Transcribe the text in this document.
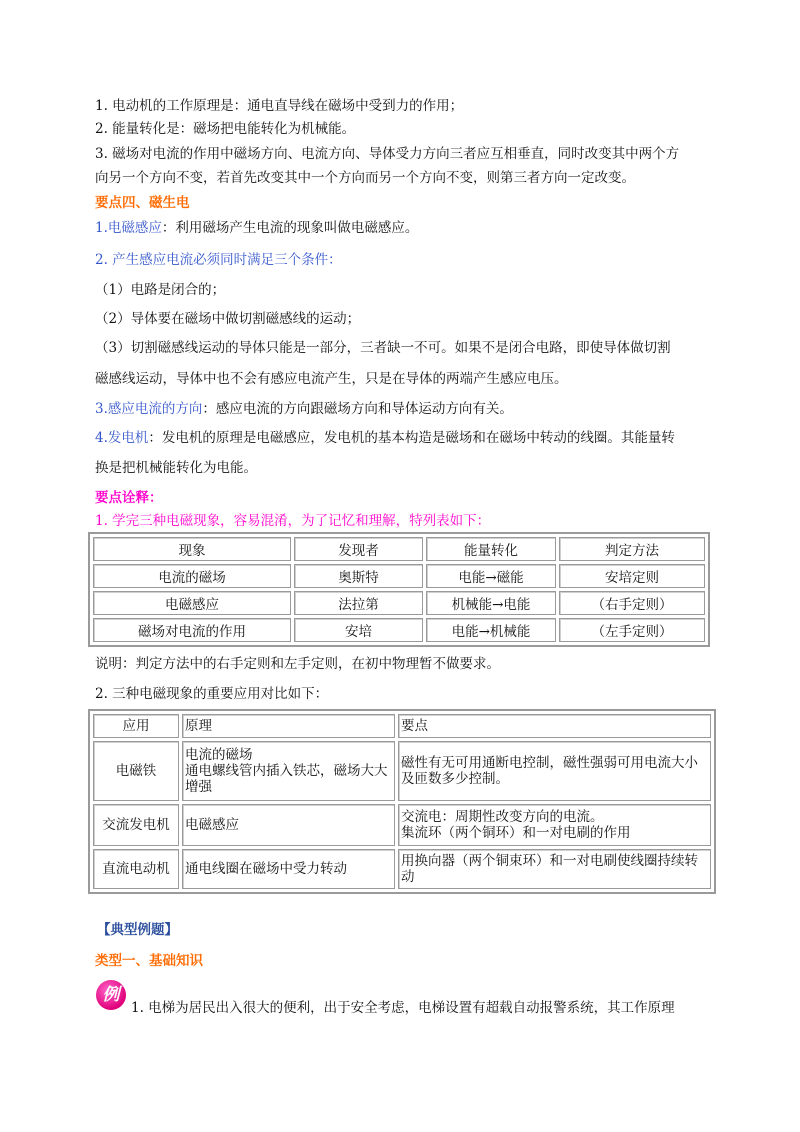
1. 电动机的工作原理是：通电直导线在磁场中受到力的作用；
2. 能量转化是：磁场把电能转化为机械能。
3. 磁场对电流的作用中磁场方向、电流方向、导体受力方向三者应互相垂直，同时改变其中两个方
向另一个方向不变，若首先改变其中一个方向而另一个方向不变，则第三者方向一定改变。
要点四、磁生电
1.电磁感应：利用磁场产生电流的现象叫做电磁感应。
2. 产生感应电流必须同时满足三个条件：
（1）电路是闭合的；
（2）导体要在磁场中做切割磁感线的运动；
（3）切割磁感线运动的导体只能是一部分，三者缺一不可。如果不是闭合电路，即使导体做切割
磁感线运动，导体中也不会有感应电流产生，只是在导体的两端产生感应电压。
3.感应电流的方向：感应电流的方向跟磁场方向和导体运动方向有关。
4.发电机：发电机的原理是电磁感应，发电机的基本构造是磁场和在磁场中转动的线圈。其能量转
换是把机械能转化为电能。
要点诠释：
1. 学完三种电磁现象，容易混淆，为了记忆和理解，特列表如下：
现象	发现者	能量转化	判定方法
电流的磁场	奥斯特	电能→磁能	安培定则
电磁感应	法拉第	机械能→电能	（右手定则）
磁场对电流的作用	安培	电能→机械能	（左手定则）
说明：判定方法中的右手定则和左手定则，在初中物理暂不做要求。
2. 三种电磁现象的重要应用对比如下：
应用	原理	要点
电磁铁	电流的磁场
通电螺线管内插入铁芯，磁场大大增强	磁性有无可用通断电控制，磁性强弱可用电流大小及匝数多少控制。
交流发电机	电磁感应	交流电：周期性改变方向的电流。
集流环（两个铜环）和一对电刷的作用

直流电动机	通电线圈在磁场中受力转动	用换向器（两个铜束环）和一对电刷使线圈持续转动
【典型例题】
类型一、基础知识
例
1. 电梯为居民出入很大的便利，出于安全考虑，电梯设置有超载自动报警系统，其工作原理
